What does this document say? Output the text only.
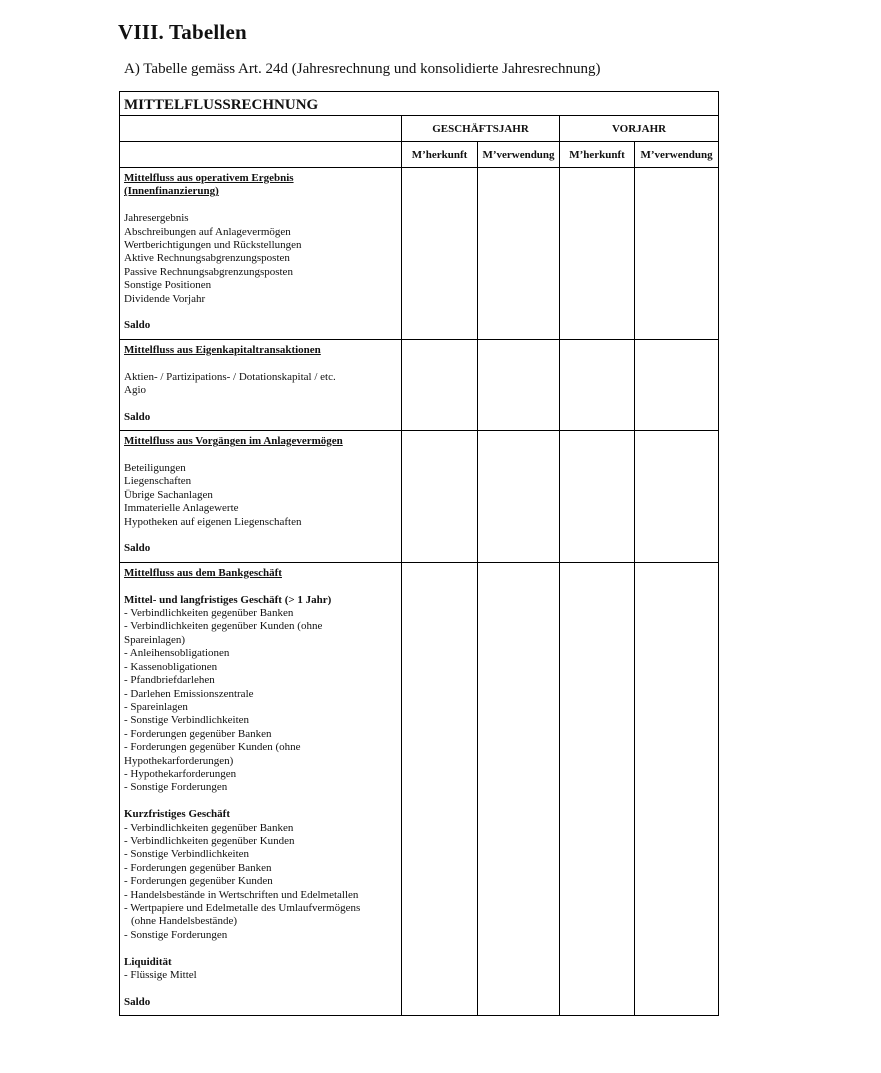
VIII. Tabellen
A) Tabelle gemäss Art. 24d (Jahresrechnung und konsolidierte Jahresrechnung)
MITTELFLUSSRECHNUNG				
	GESCHÄFTSJAHR		VORJAHR	
	M’herkunft	M’verwendung	M’herkunft	M’verwendung

Mittelfluss aus operativem Ergebnis
(Innenfinanzierung)
Jahresergebnis
Abschreibungen auf Anlagevermögen
Wertberichtigungen und Rückstellungen
Aktive Rechnungsabgrenzungsposten
Passive Rechnungsabgrenzungsposten
Sonstige Positionen
Dividende Vorjahr
Saldo

Mittelfluss aus Eigenkapitaltransaktionen
Aktien- / Partizipations- / Dotationskapital / etc.
Agio
Saldo				

Mittelfluss aus Vorgängen im Anlagevermögen
Beteiligungen
Liegenschaften
Übrige Sachanlagen
Immaterielle Anlagewerte
Hypotheken auf eigenen Liegenschaften
Saldo

Mittelfluss aus dem Bankgeschäft
Mittel- und langfristiges Geschäft (> 1 Jahr)
- Verbindlichkeiten gegenüber Banken
- Verbindlichkeiten gegenüber Kunden (ohne
Spareinlagen)
- Anleihensobligationen
- Kassenobligationen
- Pfandbriefdarlehen
- Darlehen Emissionszentrale
- Spareinlagen
- Sonstige Verbindlichkeiten
- Forderungen gegenüber Banken
- Forderungen gegenüber Kunden (ohne
Hypothekarforderungen)
- Hypothekarforderungen
- Sonstige Forderungen
Kurzfristiges Geschäft
- Verbindlichkeiten gegenüber Banken
- Verbindlichkeiten gegenüber Kunden
- Sonstige Verbindlichkeiten
- Forderungen gegenüber Banken
- Forderungen gegenüber Kunden
- Handelsbestände in Wertschriften und Edelmetallen
- Wertpapiere und Edelmetalle des Umlaufvermögens
(ohne Handelsbestände)
- Sonstige Forderungen
Liquidität
- Flüssige Mittel
Saldo
